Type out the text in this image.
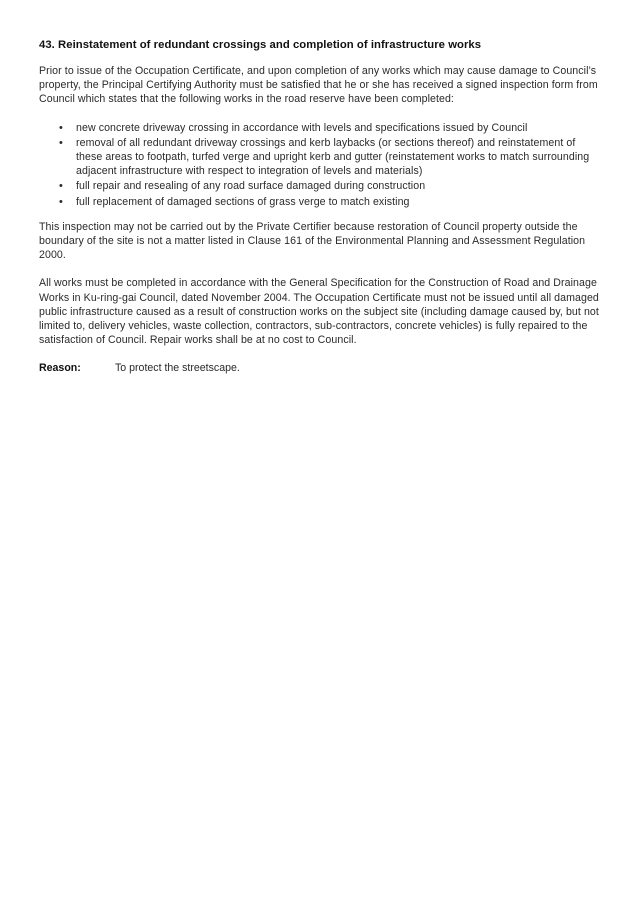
43. Reinstatement of redundant crossings and completion of infrastructure works

Prior to issue of the Occupation Certificate, and upon completion of any works which may cause damage to Council’s property, the Principal Certifying Authority must be satisfied that he or she has received a signed inspection form from Council which states that the following works in the road reserve have been completed:

• new concrete driveway crossing in accordance with levels and specifications issued by Council
• removal of all redundant driveway crossings and kerb laybacks (or sections thereof) and reinstatement of these areas to footpath, turfed verge and upright kerb and gutter (reinstatement works to match surrounding adjacent infrastructure with respect to integration of levels and materials)
• full repair and resealing of any road surface damaged during construction
• full replacement of damaged sections of grass verge to match existing

This inspection may not be carried out by the Private Certifier because restoration of Council property outside the boundary of the site is not a matter listed in Clause 161 of the Environmental Planning and Assessment Regulation 2000.

All works must be completed in accordance with the General Specification for the Construction of Road and Drainage Works in Ku-ring-gai Council, dated November 2004. The Occupation Certificate must not be issued until all damaged public infrastructure caused as a result of construction works on the subject site (including damage caused by, but not limited to, delivery vehicles, waste collection, contractors, sub-contractors, concrete vehicles) is fully repaired to the satisfaction of Council. Repair works shall be at no cost to Council.

Reason:	To protect the streetscape.
